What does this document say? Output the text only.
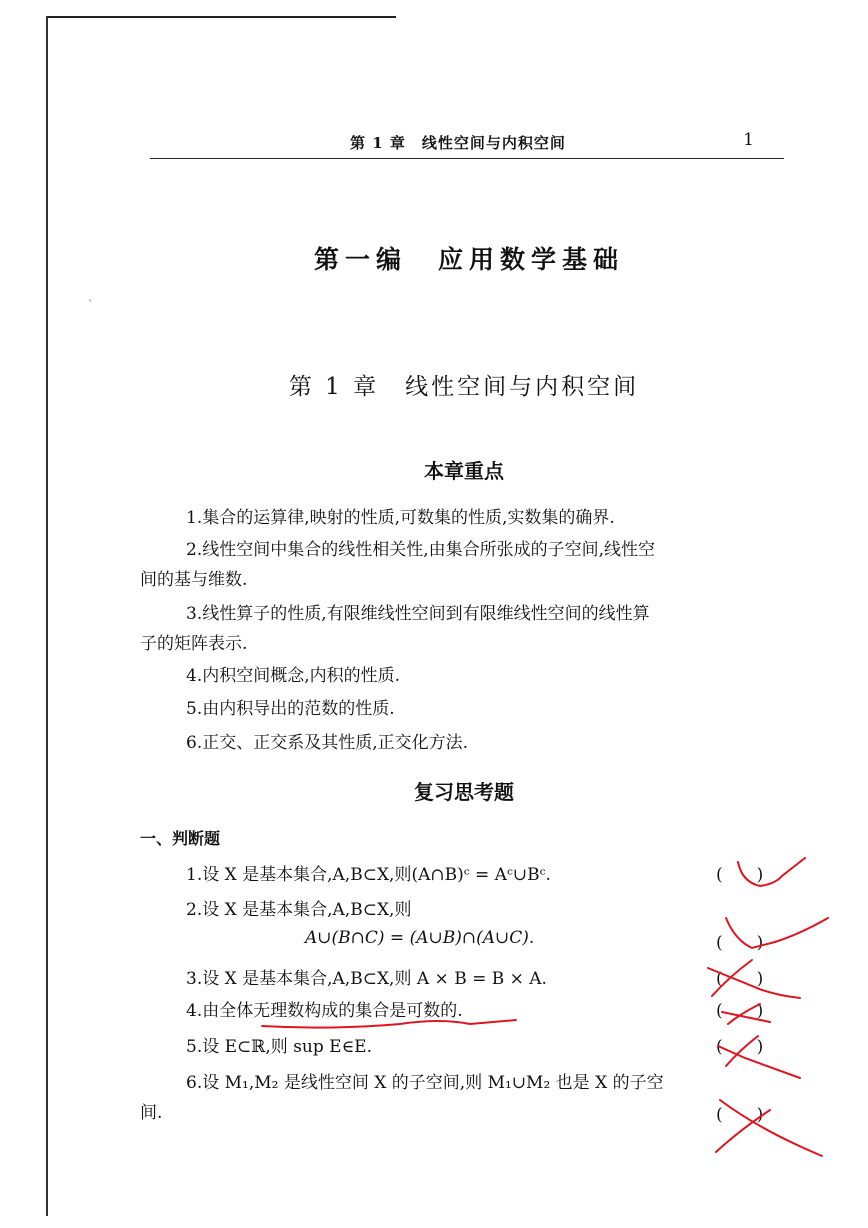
`
第 1 章　线性空间与内积空间	1
第一编　应用数学基础
第 1 章　线性空间与内积空间
本章重点
1.集合的运算律,映射的性质,可数集的性质,实数集的确界.
2.线性空间中集合的线性相关性,由集合所张成的子空间,线性空
间的基与维数.
3.线性算子的性质,有限维线性空间到有限维线性空间的线性算
子的矩阵表示.
4.内积空间概念,内积的性质.
5.由内积导出的范数的性质.
6.正交、正交系及其性质,正交化方法.
复习思考题
一、判断题
1.设 X 是基本集合,A,B⊂X,则(A∩B)ᶜ = Aᶜ∪Bᶜ.	(　　)
2.设 X 是基本集合,A,B⊂X,则
A∪(B∩C) = (A∪B)∩(A∪C).	(　　)
3.设 X 是基本集合,A,B⊂X,则 A × B = B × A.	(　　)
4.由全体无理数构成的集合是可数的.	(　　)
5.设 E⊂ℝ,则 sup E∈E.	(　　)
6.设 M₁,M₂ 是线性空间 X 的子空间,则 M₁∪M₂ 也是 X 的子空
间.	(　　)
